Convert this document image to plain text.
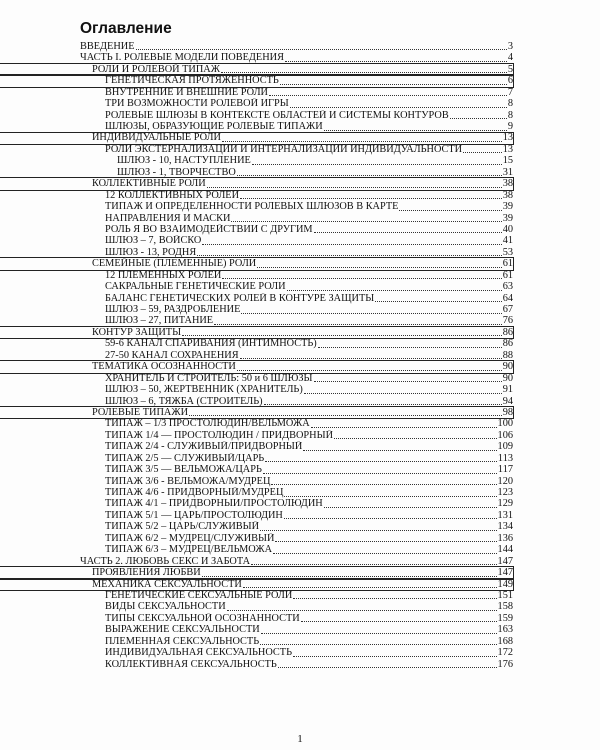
Оглавление
ВВЕДЕНИЕ	3
ЧАСТЬ I. РОЛЕВЫЕ МОДЕЛИ ПОВЕДЕНИЯ	4
РОЛИ И РОЛЕВОЙ ТИПАЖ	5
ГЕНЕТИЧЕСКАЯ ПРОТЯЖЕННОСТЬ	6
ВНУТРЕННИЕ И ВНЕШНИЕ РОЛИ	7
ТРИ ВОЗМОЖНОСТИ РОЛЕВОЙ ИГРЫ	8
РОЛЕВЫЕ ШЛЮЗЫ В КОНТЕКСТЕ ОБЛАСТЕЙ И СИСТЕМЫ КОНТУРОВ	8
ШЛЮЗЫ, ОБРАЗУЮЩИЕ РОЛЕВЫЕ ТИПАЖИ	9
ИНДИВИДУАЛЬНЫЕ РОЛИ	13
РОЛИ ЭКСТЕРНАЛИЗАЦИИ И ИНТЕРНАЛИЗАЦИИ ИНДИВИДУАЛЬНОСТИ	13
ШЛЮЗ - 10, НАСТУПЛЕНИЕ	15
ШЛЮЗ - 1, ТВОРЧЕСТВО	31
КОЛЛЕКТИВНЫЕ РОЛИ	38
12 КОЛЛЕКТИВНЫХ РОЛЕЙ	38
ТИПАЖ И ОПРЕДЕЛЕННОСТИ РОЛЕВЫХ ШЛЮЗОВ В КАРТЕ	39
НАПРАВЛЕНИЯ И МАСКИ	39
РОЛЬ Я ВО ВЗАИМОДЕЙСТВИИ С ДРУГИМ	40
ШЛЮЗ – 7, ВОЙСКО	41
ШЛЮЗ - 13, РОДНЯ	53
СЕМЕЙНЫЕ (ПЛЕМЕННЫЕ) РОЛИ	61
12 ПЛЕМЕННЫХ РОЛЕЙ	61
САКРАЛЬНЫЕ ГЕНЕТИЧЕСКИЕ РОЛИ	63
БАЛАНС ГЕНЕТИЧЕСКИХ РОЛЕЙ В КОНТУРЕ ЗАЩИТЫ	64
ШЛЮЗ – 59, РАЗДРОБЛЕНИЕ	67
ШЛЮЗ – 27, ПИТАНИЕ	76
КОНТУР ЗАЩИТЫ	86
59-6 КАНАЛ СПАРИВАНИЯ (ИНТИМНОСТЬ)	86
27-50 КАНАЛ СОХРАНЕНИЯ	88
ТЕМАТИКА ОСОЗНАННОСТИ	90
ХРАНИТЕЛЬ И СТРОИТЕЛЬ: 50 и 6 ШЛЮЗЫ	90
ШЛЮЗ – 50, ЖЕРТВЕННИК (ХРАНИТЕЛЬ)	91
ШЛЮЗ – 6, ТЯЖБА (СТРОИТЕЛЬ)	94
РОЛЕВЫЕ ТИПАЖИ	98
ТИПАЖ – 1/3 ПРОСТОЛЮДИН/ВЕЛЬМОЖА	100
ТИПАЖ 1/4 — ПРОСТОЛЮДИН / ПРИДВОРНЫЙ	106
ТИПАЖ 2/4 - СЛУЖИВЫЙ/ПРИДВОРНЫЙ	109
ТИПАЖ 2/5 — СЛУЖИВЫЙ/ЦАРЬ	113
ТИПАЖ 3/5 — ВЕЛЬМОЖА/ЦАРЬ	117
ТИПАЖ 3/6 - ВЕЛЬМОЖА/МУДРЕЦ	120
ТИПАЖ 4/6 - ПРИДВОРНЫЙ/МУДРЕЦ	123
ТИПАЖ 4/1 – ПРИДВОРНЫЙ/ПРОСТОЛЮДИН	129
ТИПАЖ 5/1 — ЦАРЬ/ПРОСТОЛЮДИН	131
ТИПАЖ 5/2 – ЦАРЬ/СЛУЖИВЫЙ	134
ТИПАЖ 6/2 – МУДРЕЦ/СЛУЖИВЫЙ	136
ТИПАЖ 6/3 – МУДРЕЦ/ВЕЛЬМОЖА	144
ЧАСТЬ 2. ЛЮБОВЬ СЕКС И ЗАБОТА	147
ПРОЯВЛЕНИЯ ЛЮБВИ	147
МЕХАНИКА СЕКСУАЛЬНОСТИ	149
ГЕНЕТИЧЕСКИЕ СЕКСУАЛЬНЫЕ РОЛИ	151
ВИДЫ СЕКСУАЛЬНОСТИ	158
ТИПЫ СЕКСУАЛЬНОЙ ОСОЗНАННОСТИ	159
ВЫРАЖЕНИЕ СЕКСУАЛЬНОСТИ	163
ПЛЕМЕННАЯ СЕКСУАЛЬНОСТЬ	168
ИНДИВИДУАЛЬНАЯ СЕКСУАЛЬНОСТЬ	172
КОЛЛЕКТИВНАЯ СЕКСУАЛЬНОСТЬ	176
1
